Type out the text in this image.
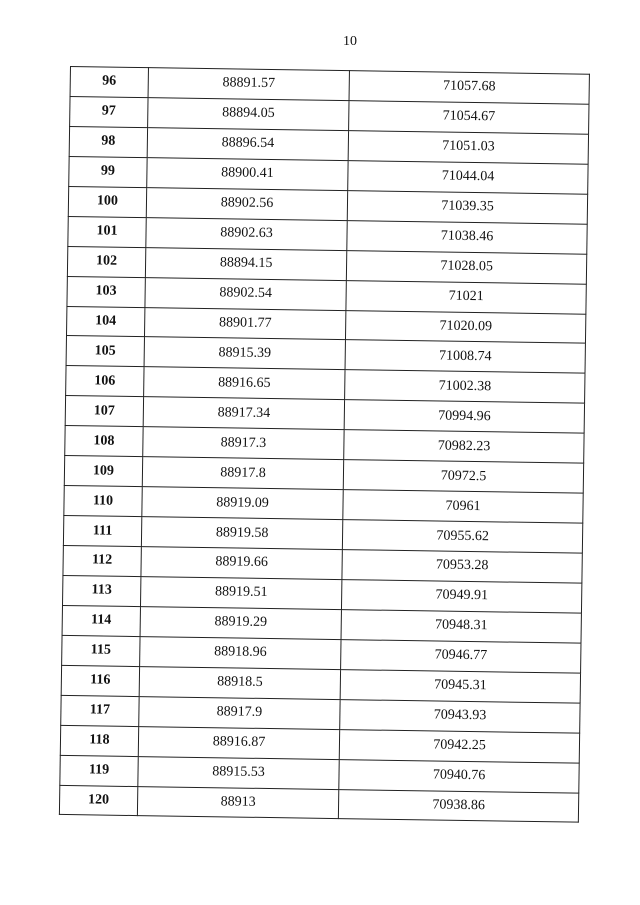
10
96	88891.57	71057.68
97	88894.05	71054.67
98	88896.54	71051.03
99	88900.41	71044.04
100	88902.56	71039.35
101	88902.63	71038.46
102	88894.15	71028.05
103	88902.54	71021
104	88901.77	71020.09
105	88915.39	71008.74
106	88916.65	71002.38
107	88917.34	70994.96
108	88917.3	70982.23
109	88917.8	70972.5
110	88919.09	70961
111	88919.58	70955.62
112	88919.66	70953.28
113	88919.51	70949.91
114	88919.29	70948.31
115	88918.96	70946.77
116	88918.5	70945.31
117	88917.9	70943.93
118	88916.87	70942.25
119	88915.53	70940.76
120	88913	70938.86
